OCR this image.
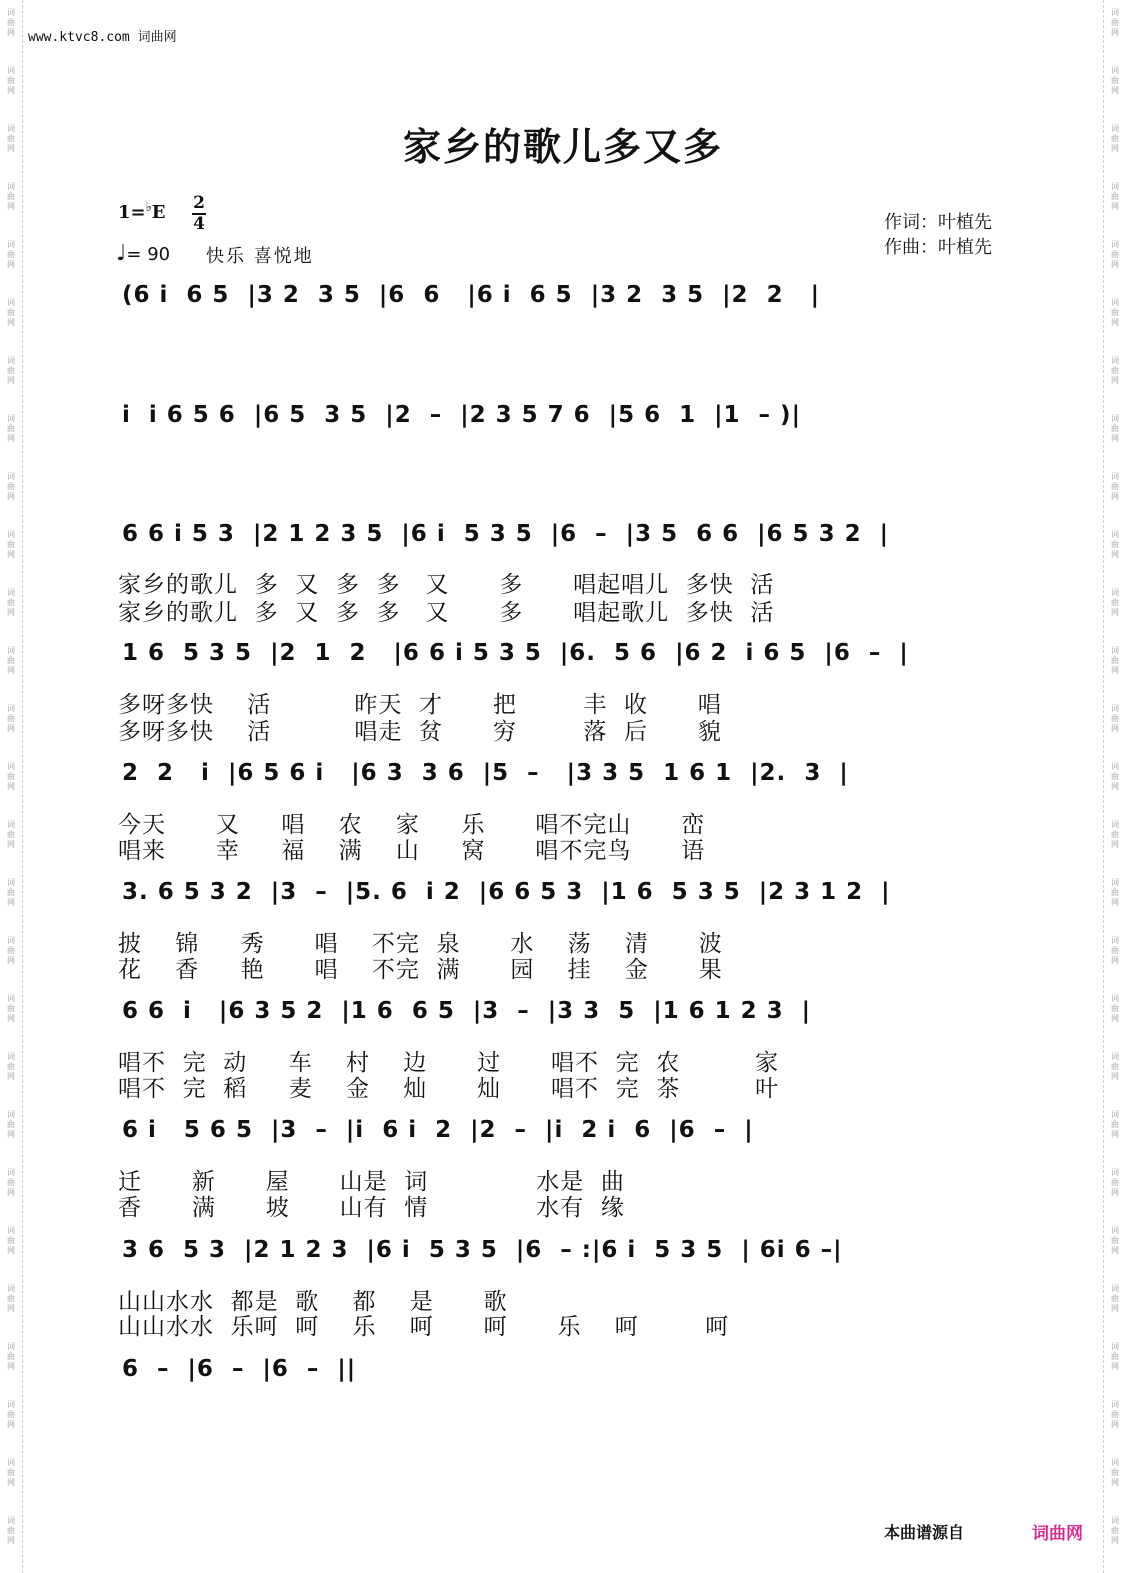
词
曲
网
词
曲
网
词
曲
网
词
曲
网
词
曲
网
词
曲
网
词
曲
网
词
曲
网
词
曲
网
词
曲
网
词
曲
网
词
曲
网
词
曲
网
词
曲
网
词
曲
网
词
曲
网
词
曲
网
词
曲
网
词
曲
网
词
曲
网
词
曲
网
词
曲
网
词
曲
网
词
曲
网
词
曲
网
词
曲
网
词
曲
网
词
曲
网
词
曲
网
词
曲
网
词
曲
网
词
曲
网
词
曲
网
词
曲
网
词
曲
网
词
曲
网
词
曲
网
词
曲
网
词
曲
网
词
曲
网
词
曲
网
词
曲
网
词
曲
网
词
曲
网
词
曲
网
词
曲
网
词
曲
网
词
曲
网
词
曲
网
词
曲
网
词
曲
网
词
曲
网
词
曲
网
词
曲
网
www.ktvc8.com 词曲网
家乡的歌儿多又多
1=♭E 2
4
♩= 90 快乐 喜悦地
作词：叶植先
作曲：叶植先
(6 i  6 5  |3 2  3 5  |6  6   |6 i  6 5  |3 2  3 5  |2  2   |
i  i 6 5 6  |6 5  3 5  |2  –  |2 3 5 7 6  |5 6  1  |1  – )|
6 6 i 5 3  |2 1 2 3 5  |6 i  5 3 5  |6  –  |3 5  6 6  |6 5 3 2  |
家乡的歌儿  多  又  多  多   又      多      唱起唱儿  多快  活
家乡的歌儿  多  又  多  多   又      多      唱起歌儿  多快  活
1 6  5 3 5  |2  1  2   |6 6 i 5 3 5  |6.  5 6  |6 2  i 6 5  |6  –  |
多呀多快    活          昨天  才      把        丰  收      唱
多呀多快    活          唱走  贫      穷        落  后      貌
2  2   i  |6 5 6 i   |6 3  3 6  |5  –   |3 3 5  1 6 1  |2.  3  |
今天      又     唱    农    家     乐      唱不完山      峦
唱来      幸     福    满    山     窝      唱不完鸟      语
3. 6 5 3 2  |3  –  |5. 6  i 2  |6 6 5 3  |1 6  5 3 5  |2 3 1 2  |
披    锦     秀      唱    不完  泉      水    荡    清      波
花    香     艳      唱    不完  满      园    挂    金      果
6 6  i   |6 3 5 2  |1 6  6 5  |3  –  |3 3  5  |1 6 1 2 3  |
唱不  完  动     车    村    边      过      唱不  完  农         家
唱不  完  稻     麦    金    灿      灿      唱不  完  茶         叶
6 i   5 6 5  |3  –  |i  6 i  2  |2  –  |i  2 i  6  |6  –  |
迁      新      屋      山是  词             水是  曲
香      满      坡      山有  情             水有  缘
3 6  5 3  |2 1 2 3  |6 i  5 3 5  |6  – :|6 i  5 3 5  | 6i 6 –|
山山水水  都是  歌    都    是      歌
山山水水  乐呵  呵    乐    呵      呵      乐    呵        呵
6  –  |6  –  |6  –  ||
本曲谱源自	词曲网
